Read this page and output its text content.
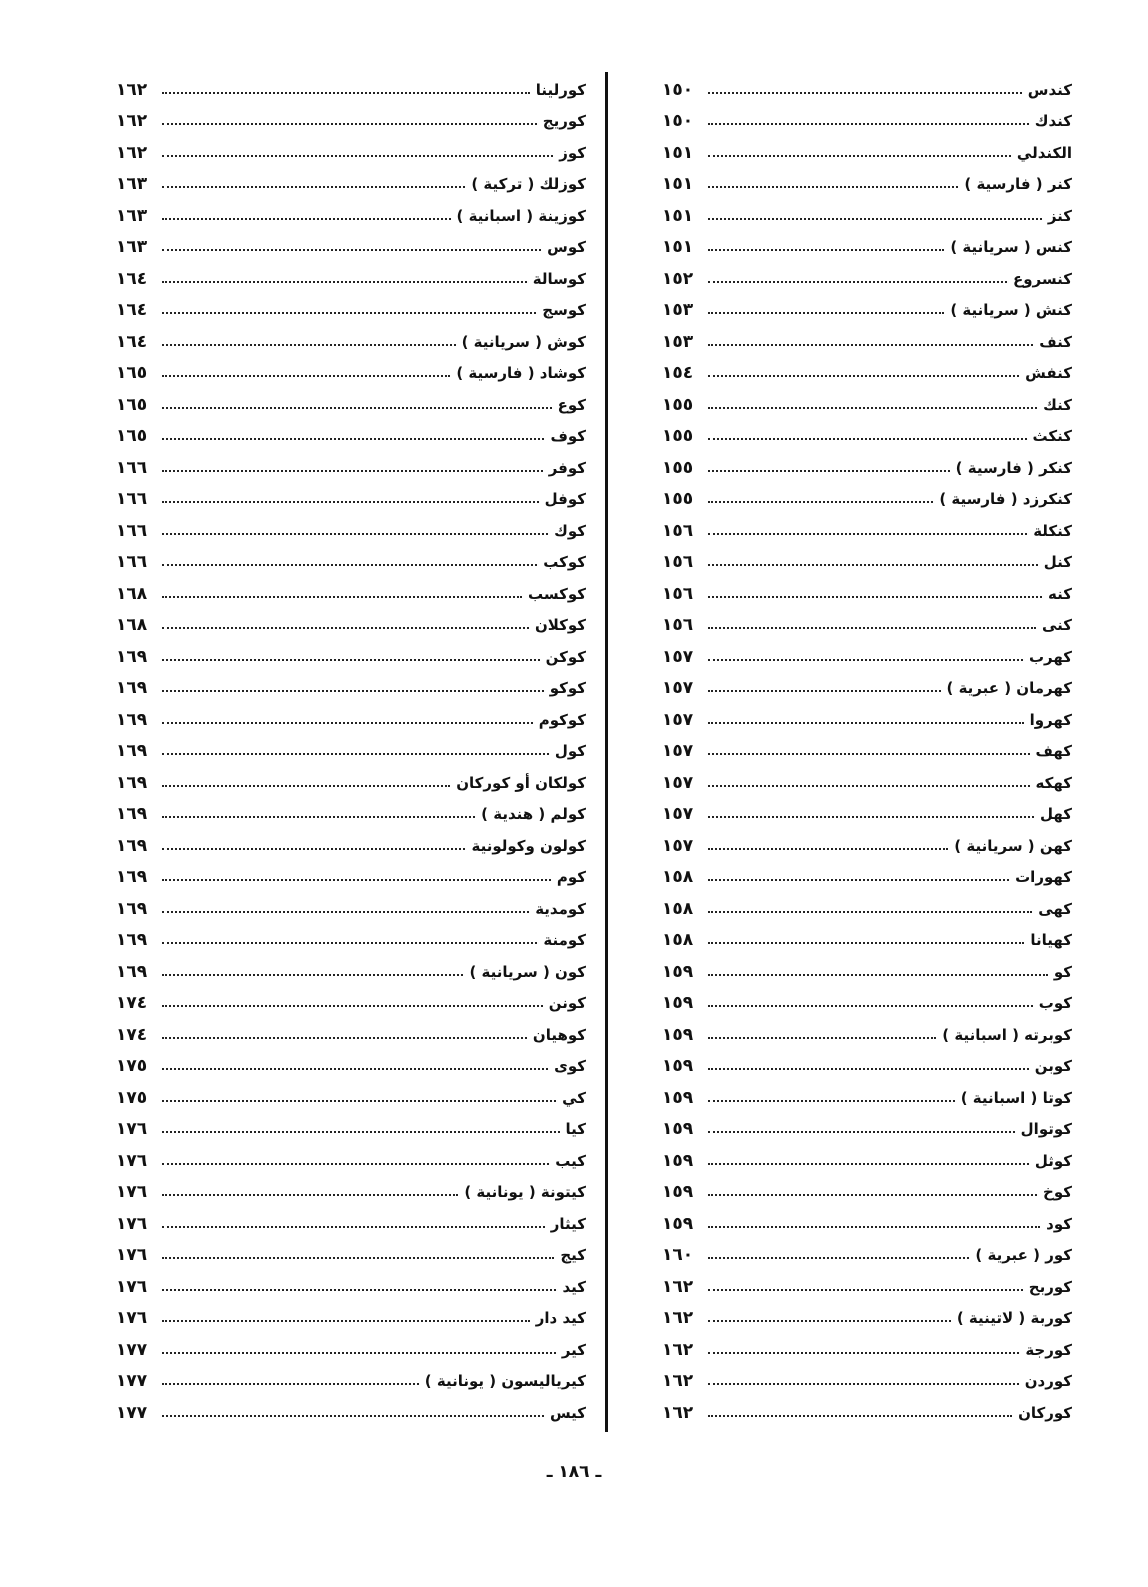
كندس
١٥٠
كندك
١٥٠
الكندلي
١٥١
كنر ( فارسية )
١٥١
كنز
١٥١
كنس ( سريانية )
١٥١
كنسروع
١٥٢
كنش ( سريانية )
١٥٣
كنف
١٥٣
كنفش
١٥٤
كنك
١٥٥
كنكث
١٥٥
كنكر ( فارسية )
١٥٥
كنكرزد ( فارسية )
١٥٥
كنكلة
١٥٦
كنل
١٥٦
كنه
١٥٦
كنى
١٥٦
كهرب
١٥٧
كهرمان ( عبرية )
١٥٧
كهروا
١٥٧
كهف
١٥٧
كهكه
١٥٧
كهل
١٥٧
كهن ( سريانية )
١٥٧
كهورات
١٥٨
كهى
١٥٨
كهيانا
١٥٨
كو
١٥٩
كوب
١٥٩
كوبرته ( اسبانية )
١٥٩
كوبن
١٥٩
كوتا ( اسبانية )
١٥٩
كوتوال
١٥٩
كوثل
١٥٩
كوخ
١٥٩
كود
١٥٩
كور ( عبرية )
١٦٠
كوربح
١٦٢
كوربة ( لاتينية )
١٦٢
كورجة
١٦٢
كوردن
١٦٢
كوركان
١٦٢
كورلينا
١٦٢
كوريج
١٦٢
كوز
١٦٢
كوزلك ( تركية )
١٦٣
كوزينة ( اسبانية )
١٦٣
كوس
١٦٣
كوسالة
١٦٤
كوسج
١٦٤
كوش ( سريانية )
١٦٤
كوشاد ( فارسية )
١٦٥
كوع
١٦٥
كوف
١٦٥
كوفر
١٦٦
كوفل
١٦٦
كوك
١٦٦
كوكب
١٦٦
كوكسب
١٦٨
كوكلان
١٦٨
كوكن
١٦٩
كوكو
١٦٩
كوكوم
١٦٩
كول
١٦٩
كولكان أو كوركان
١٦٩
كولم ( هندية )
١٦٩
كولون وكولونية
١٦٩
كوم
١٦٩
كومدية
١٦٩
كومنة
١٦٩
كون ( سريانية )
١٦٩
كونن
١٧٤
كوهيان
١٧٤
كوى
١٧٥
كي
١٧٥
كيا
١٧٦
كيب
١٧٦
كيتونة ( يونانية )
١٧٦
كيثار
١٧٦
كيج
١٧٦
كيد
١٧٦
كيد دار
١٧٦
كير
١٧٧
كيرياليسون ( يونانية )
١٧٧
كيس
١٧٧
ـ ١٨٦ ـ
